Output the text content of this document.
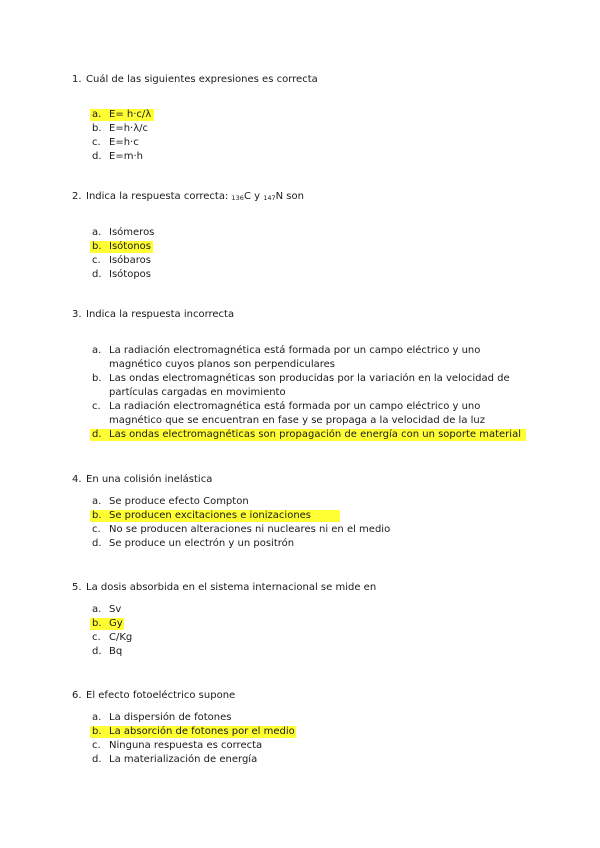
1. Cuál de las siguientes expresiones es correcta
a. E= h·c/λ
b. E=h·λ/c
c. E=h·c
d. E=m·h
2. Indica la respuesta correcta: $_{136}$C y $_{147}$N son
a. Isómeros
b. Isótonos
c. Isóbaros
d. Isótopos
3. Indica la respuesta incorrecta
a. La radiación electromagnética está formada por un campo eléctrico y uno magnético cuyos planos son perpendiculares
b. Las ondas electromagnéticas son producidas por la variación en la velocidad de partículas cargadas en movimiento
c. La radiación electromagnética está formada por un campo eléctrico y uno magnético que se encuentran en fase y se propaga a la velocidad de la luz
d. Las ondas electromagnéticas son propagación de energía con un soporte material
4. En una colisión inelástica
a. Se produce efecto Compton
b. Se producen excitaciones e ionizaciones
c. No se producen alteraciones ni nucleares ni en el medio
d. Se produce un electrón y un positrón
5. La dosis absorbida en el sistema internacional se mide en
a. Sv
b. Gy
c. C/Kg
d. Bq
6. El efecto fotoeléctrico supone
a. La dispersión de fotones
b. La absorción de fotones por el medio
c. Ninguna respuesta es correcta
d. La materialización de energía
